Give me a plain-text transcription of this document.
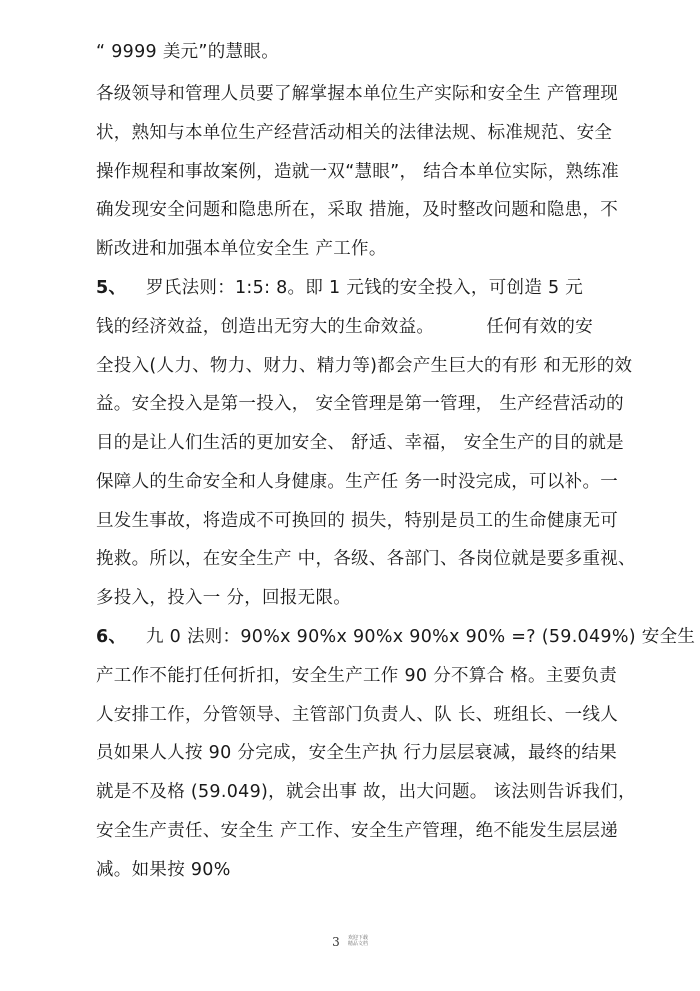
“ 9999 美元”的慧眼。
各级领导和管理人员要了解掌握本单位生产实际和安全生 产管理现
状，熟知与本单位生产经营活动相关的法律法规、标准规范、安全
操作规程和事故案例，造就一双“慧眼”， 结合本单位实际，熟练准
确发现安全问题和隐患所在，采取 措施，及时整改问题和隐患，不
断改进和加强本单位安全生 产工作。
5、 罗氏法则：1:5: 8。即 1 元钱的安全投入，可创造 5 元
钱的经济效益，创造出无穷大的生命效益。	任何有效的安
全投入(人力、物力、财力、精力等)都会产生巨大的有形 和无形的效
益。安全投入是第一投入， 安全管理是第一管理， 生产经营活动的
目的是让人们生活的更加安全、 舒适、幸福， 安全生产的目的就是
保障人的生命安全和人身健康。生产任 务一时没完成，可以补。一
旦发生事故，将造成不可换回的 损失，特别是员工的生命健康无可
挽救。所以，在安全生产 中，各级、各部门、各岗位就是要多重视、
多投入，投入一 分，回报无限。
6、 九 0 法则：90%x 90%x 90%x 90%x 90% =? (59.049%) 安全生
产工作不能打任何折扣，安全生产工作 90 分不算合 格。主要负责
人安排工作，分管领导、主管部门负责人、队 长、班组长、一线人
员如果人人按 90 分完成，安全生产执 行力层层衰减，最终的结果
就是不及格 (59.049)，就会出事 故，出大问题。 该法则告诉我们，
安全生产责任、安全生 产工作、安全生产管理，绝不能发生层层递
减。如果按 90%
$^3$ 欢迎下载
精品文档
